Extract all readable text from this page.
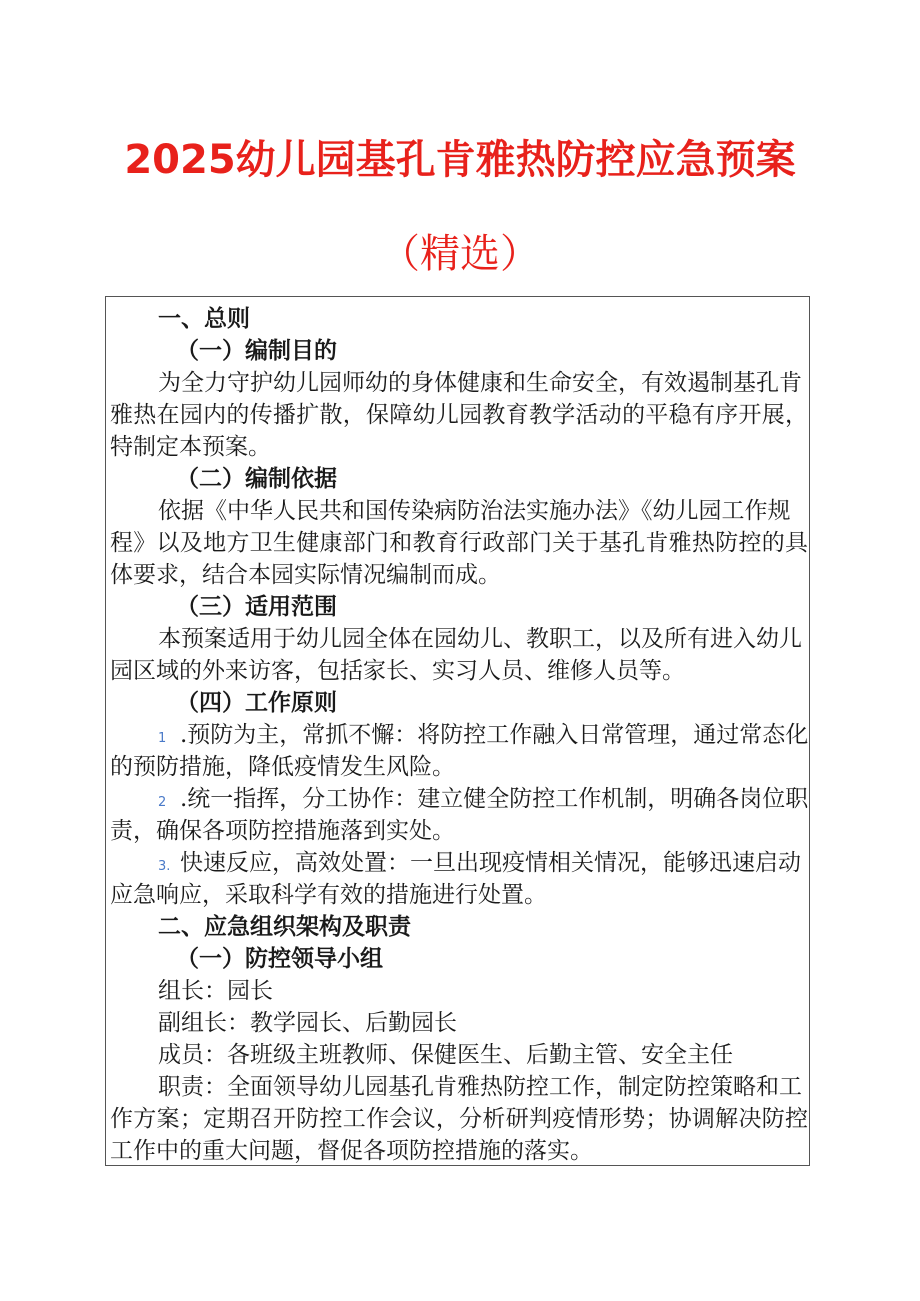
2025幼儿园基孔肯雅热防控应急预案
（精选）
一、总则
（一）编制目的
为全力守护幼儿园师幼的身体健康和生命安全，有效遏制基孔肯
雅热在园内的传播扩散，保障幼儿园教育教学活动的平稳有序开展，
特制定本预案。
（二）编制依据
依据《中华人民共和国传染病防治法实施办法》《幼儿园工作规
程》以及地方卫生健康部门和教育行政部门关于基孔肯雅热防控的具
体要求，结合本园实际情况编制而成。
（三）适用范围
本预案适用于幼儿园全体在园幼儿、教职工，以及所有进入幼儿
园区域的外来访客，包括家长、实习人员、维修人员等。
（四）工作原则
1 .预防为主，常抓不懈：将防控工作融入日常管理，通过常态化
的预防措施，降低疫情发生风险。
2 .统一指挥，分工协作：建立健全防控工作机制，明确各岗位职
责，确保各项防控措施落到实处。
3. 快速反应，高效处置：一旦出现疫情相关情况，能够迅速启动
应急响应，采取科学有效的措施进行处置。
二、应急组织架构及职责
（一）防控领导小组
组长：园长
副组长：教学园长、后勤园长
成员：各班级主班教师、保健医生、后勤主管、安全主任
职责：全面领导幼儿园基孔肯雅热防控工作，制定防控策略和工
作方案；定期召开防控工作会议，分析研判疫情形势；协调解决防控
工作中的重大问题，督促各项防控措施的落实。
